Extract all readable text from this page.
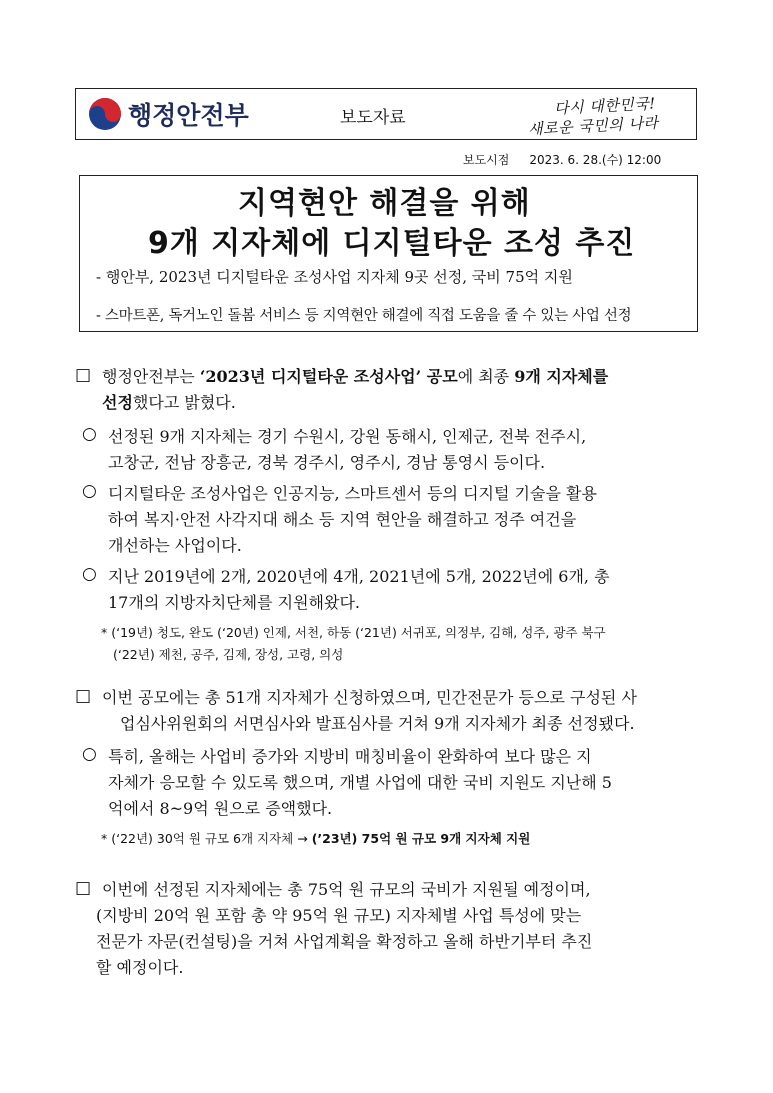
행정안전부	보도자료
다시 대한민국!
새로운 국민의 나라
보도시점 2023. 6. 28.(수) 12:00
지역현안 해결을 위해
9개 지자체에 디지털타운 조성 추진
- 행안부, 2023년 디지털타운 조성사업 지자체 9곳 선정, 국비 75억 지원
- 스마트폰, 독거노인 돌봄 서비스 등 지역현안 해결에 직접 도움을 줄 수 있는 사업 선정
□ 행정안전부는 ‘2023년 디지털타운 조성사업’ 공모에 최종 9개 지자체를
선정했다고 밝혔다.
○ 선정된 9개 지자체는 경기 수원시, 강원 동해시, 인제군, 전북 전주시,
고창군, 전남 장흥군, 경북 경주시, 영주시, 경남 통영시 등이다.
○ 디지털타운 조성사업은 인공지능, 스마트센서 등의 디지털 기술을 활용
하여 복지·안전 사각지대 해소 등 지역 현안을 해결하고 정주 여건을
개선하는 사업이다.
○ 지난 2019년에 2개, 2020년에 4개, 2021년에 5개, 2022년에 6개, 총
17개의 지방자치단체를 지원해왔다.
* (‘19년) 청도, 완도 (‘20년) 인제, 서천, 하동 (‘21년) 서귀포, 의정부, 김해, 성주, 광주 북구
(‘22년) 제천, 공주, 김제, 장성, 고령, 의성
□ 이번 공모에는 총 51개 지자체가 신청하였으며, 민간전문가 등으로 구성된 사
업심사위원회의 서면심사와 발표심사를 거쳐 9개 지자체가 최종 선정됐다.
○ 특히, 올해는 사업비 증가와 지방비 매칭비율이 완화하여 보다 많은 지
자체가 응모할 수 있도록 했으며, 개별 사업에 대한 국비 지원도 지난해 5
억에서 8~9억 원으로 증액했다.
* (‘22년) 30억 원 규모 6개 지자체 → (’23년) 75억 원 규모 9개 지자체 지원
□ 이번에 선정된 지자체에는 총 75억 원 규모의 국비가 지원될 예정이며,
(지방비 20억 원 포함 총 약 95억 원 규모) 지자체별 사업 특성에 맞는
전문가 자문(컨설팅)을 거쳐 사업계획을 확정하고 올해 하반기부터 추진
할 예정이다.
